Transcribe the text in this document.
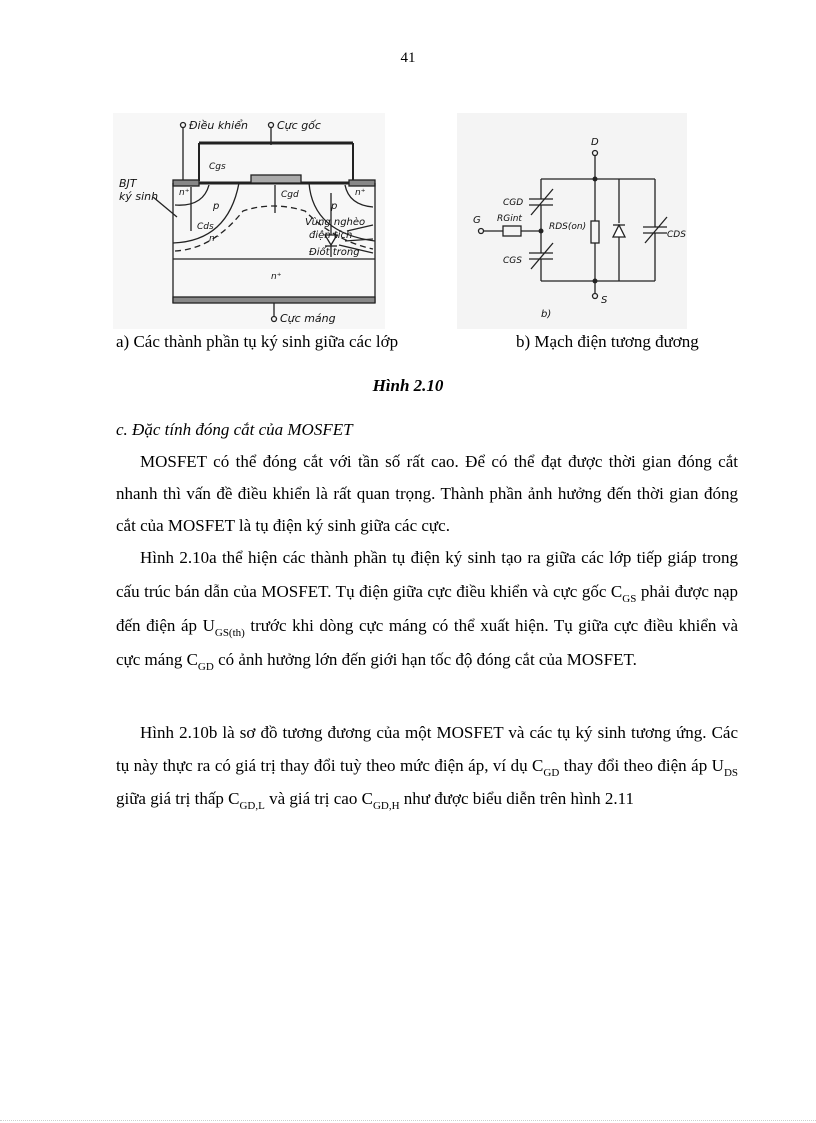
41
Điều khiển	Cực gốc
BJT
ký sinh
Cgs
Cgd
Cds
p	p
n⁺	n⁺
n⁻
n⁺
Vùng nghèo
điện tích
Điốt trong
Cực máng
D
G
S
RGint
RDS(on)
CGD
CGS
CDS
b)
a) Các thành phần tụ ký sinh giữa các lớp	b) Mạch điện tương đương
Hình 2.10
c. Đặc tính đóng cắt của MOSFET

MOSFET có thể đóng cắt với tần số rất cao. Để có thể đạt được thời gian đóng cắt nhanh thì vấn đề điều khiển là rất quan trọng. Thành phần ảnh hưởng đến thời gian đóng cắt của MOSFET là tụ điện ký sinh giữa các cực.

Hình 2.10a thể hiện các thành phần tụ điện ký sinh tạo ra giữa các lớp tiếp giáp trong cấu trúc bán dẫn của MOSFET. Tụ điện giữa cực điều khiển và cực gốc $C_{GS}$ phải được nạp đến điện áp $U_{GS(th)}$ trước khi dòng cực máng có thể xuất hiện. Tụ giữa cực điều khiển và cực máng $C_{GD}$ có ảnh hưởng lớn đến giới hạn tốc độ đóng cắt của MOSFET.

Hình 2.10b là sơ đồ tương đương của một MOSFET và các tụ ký sinh tương ứng. Các tụ này thực ra có giá trị thay đổi tuỳ theo mức điện áp, ví dụ $C_{GD}$ thay đổi theo điện áp $U_{DS}$ giữa giá trị thấp $C_{GD,L}$ và giá trị cao $C_{GD,H}$ như được biểu diễn trên hình 2.11
